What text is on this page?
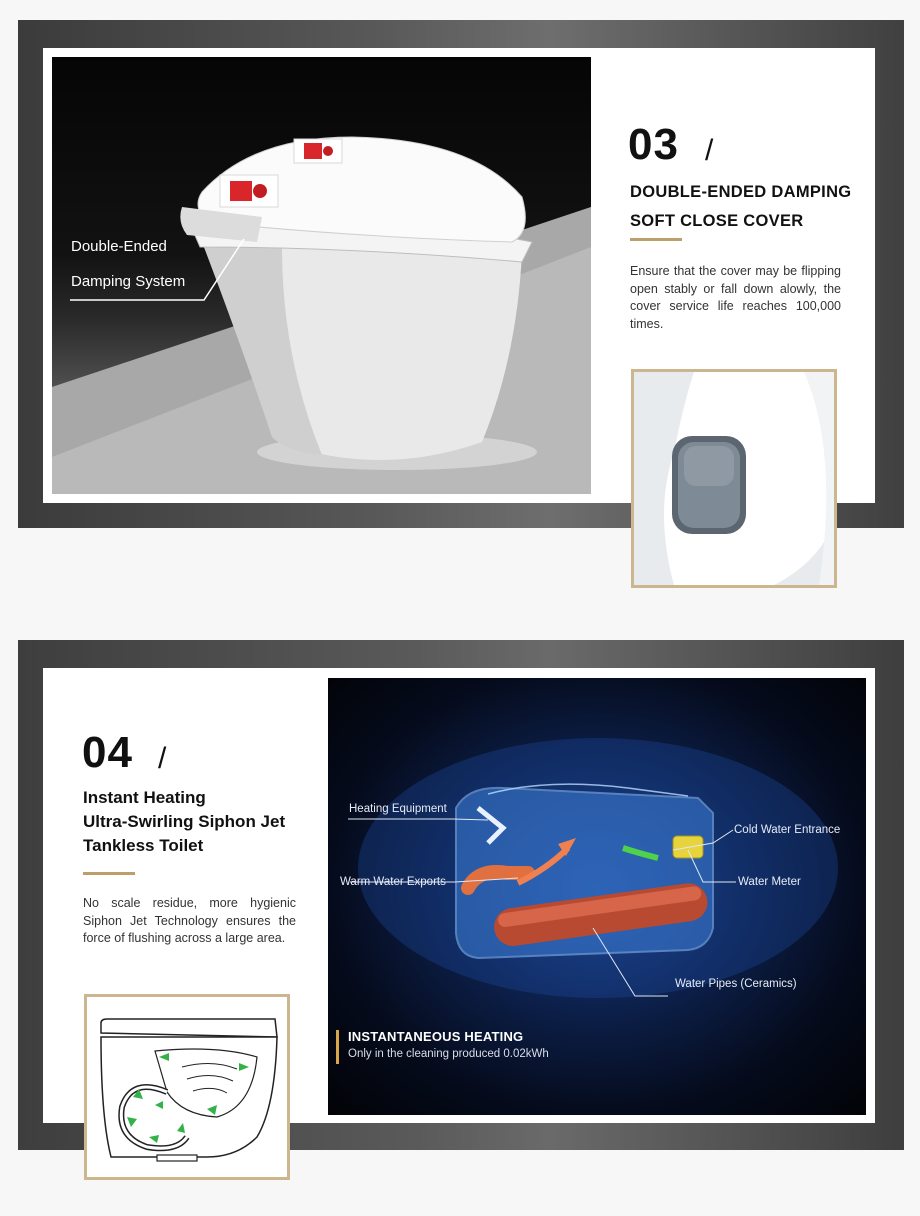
Double-Ended
Damping System
03 /
DOUBLE-ENDED DAMPING
SOFT CLOSE COVER
Ensure that the cover may be flipping open stably or fall down alowly, the cover service life reaches 100,000 times.
04 /
Instant Heating
Ultra-Swirling Siphon Jet
Tankless Toilet
No scale residue, more hygienic Siphon Jet Technology ensures the force of flushing across a large area.
Heating Equipment
Cold Water Entrance
Warm Water Exports	Water Meter
Water Pipes (Ceramics)
INSTANTANEOUS HEATING
Only in the cleaning produced 0.02kWh
